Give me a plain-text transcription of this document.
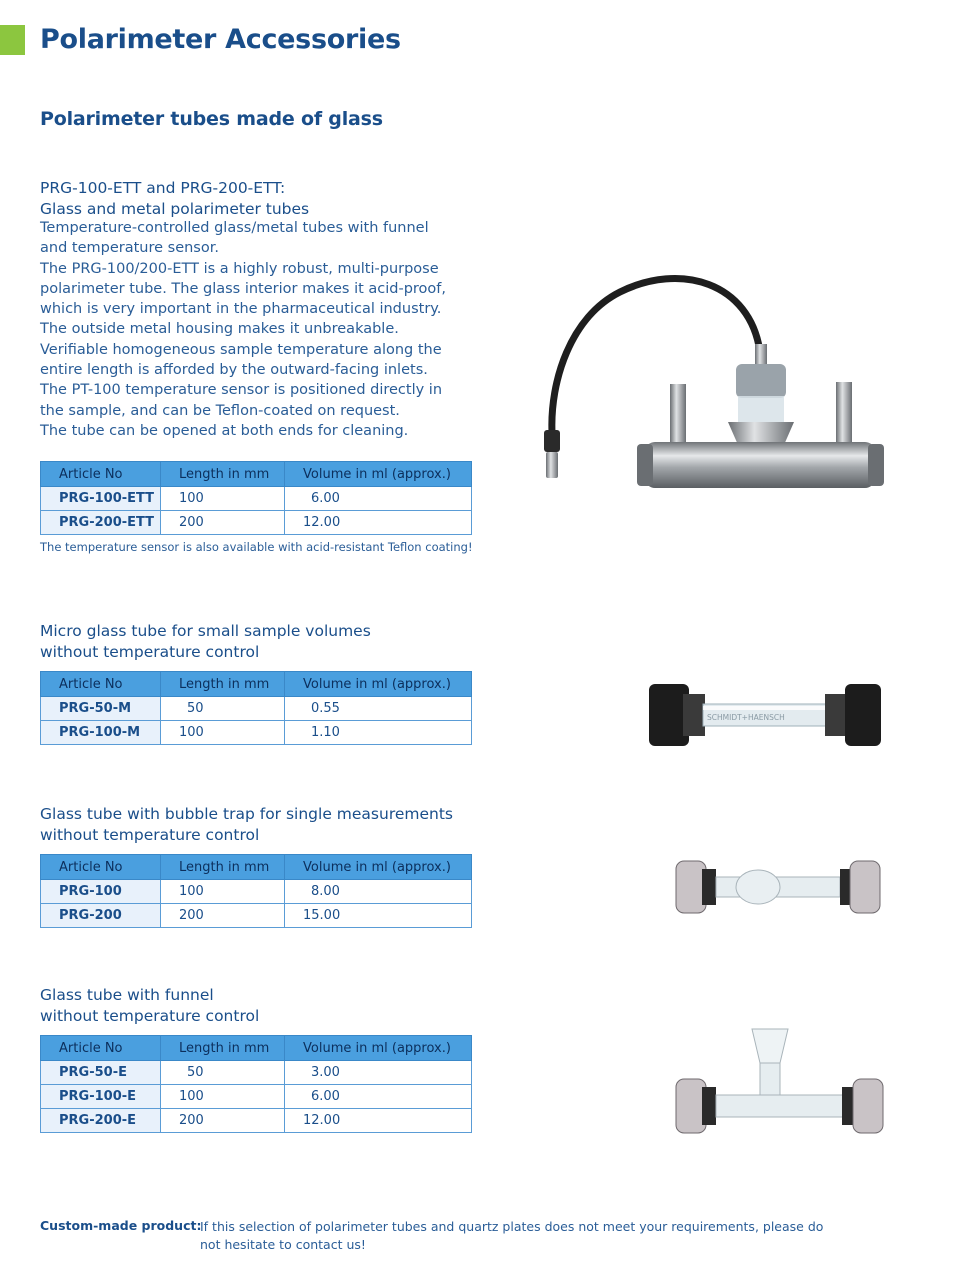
Polarimeter Accessories
Polarimeter tubes made of glass
PRG-100-ETT and PRG-200-ETT:
Glass and metal polarimeter tubes
Temperature-controlled glass/metal tubes with funnel
and temperature sensor.
The PRG-100/200-ETT is a highly robust, multi-purpose
polarimeter tube. The glass interior makes it acid-proof,
which is very important in the pharmaceutical industry.
The outside metal housing makes it unbreakable.
Verifiable homogeneous sample temperature along the
entire length is afforded by the outward-facing inlets.
The PT-100 temperature sensor is positioned directly in
the sample, and can be Teflon-coated on request.
The tube can be opened at both ends for cleaning.
Article No	Length in mm	Volume in ml (approx.)
PRG-100-ETT	100	6.00
PRG-200-ETT	200	12.00
The temperature sensor is also available with acid-resistant Teflon coating!
Micro glass tube for small sample volumes
without temperature control
Article No	Length in mm	Volume in ml (approx.)
PRG-50-M	50	0.55
PRG-100-M	100	1.10
SCHMIDT+HAENSCH
Glass tube with bubble trap for single measurements
without temperature control
Article No	Length in mm	Volume in ml (approx.)
PRG-100	100	8.00
PRG-200	200	15.00
Glass tube with funnel
without temperature control
Article No	Length in mm	Volume in ml (approx.)
PRG-50-E	50	3.00
PRG-100-E	100	6.00
PRG-200-E	200	12.00
Custom-made product:
If this selection of polarimeter tubes and quartz plates does not meet your requirements, please do not hesitate to contact us!
